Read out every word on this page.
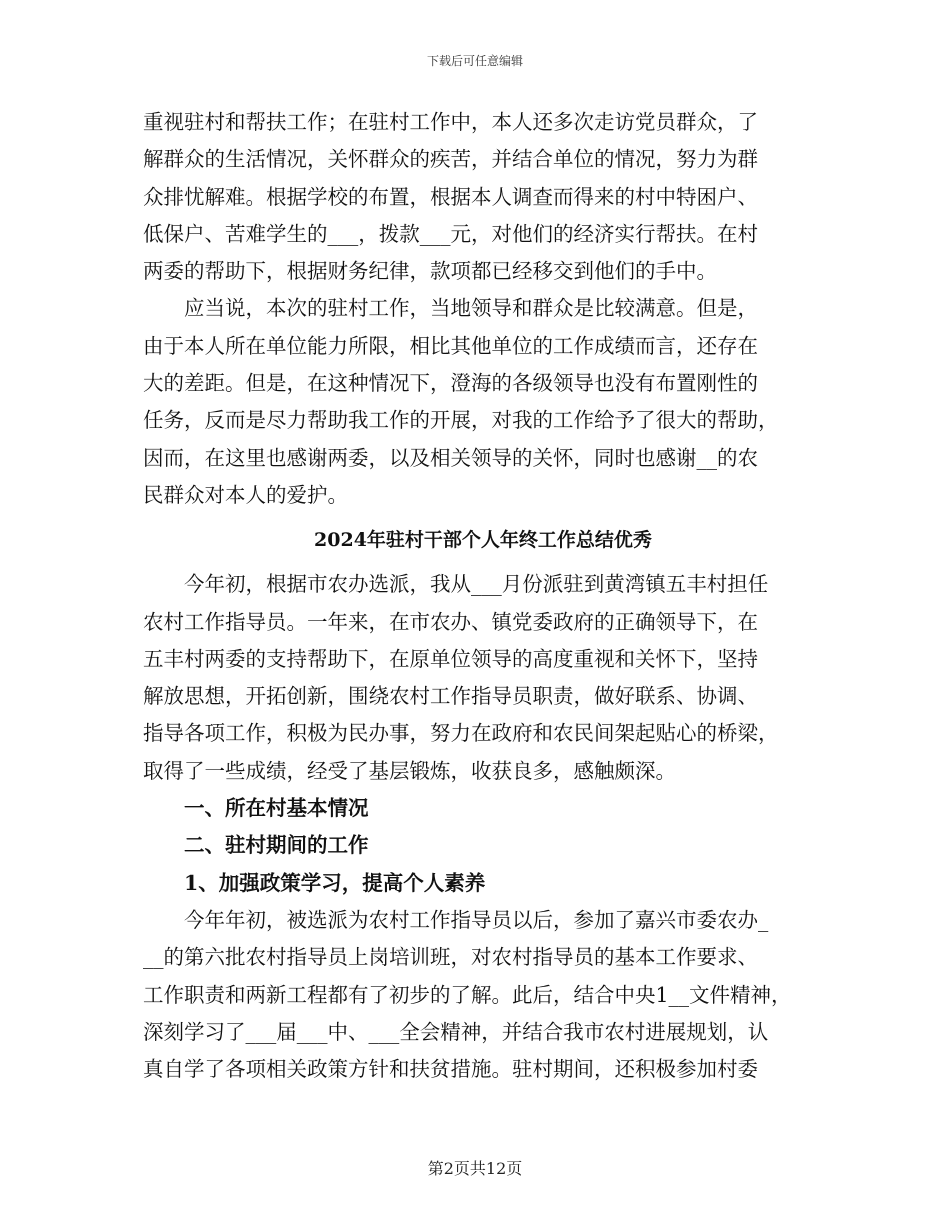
下载后可任意编辑
重视驻村和帮扶工作；在驻村工作中，本人还多次走访党员群众，了
解群众的生活情况，关怀群众的疾苦，并结合单位的情况，努力为群
众排忧解难。根据学校的布置，根据本人调查而得来的村中特困户、
低保户、苦难学生的___，拨款___元，对他们的经济实行帮扶。在村
两委的帮助下，根据财务纪律，款项都已经移交到他们的手中。
　　应当说，本次的驻村工作，当地领导和群众是比较满意。但是，
由于本人所在单位能力所限，相比其他单位的工作成绩而言，还存在
大的差距。但是，在这种情况下，澄海的各级领导也没有布置刚性的
任务，反而是尽力帮助我工作的开展，对我的工作给予了很大的帮助，
因而，在这里也感谢两委，以及相关领导的关怀，同时也感谢__的农
民群众对本人的爱护。
2024年驻村干部个人年终工作总结优秀
　　今年初，根据市农办选派，我从___月份派驻到黄湾镇五丰村担任
农村工作指导员。一年来，在市农办、镇党委政府的正确领导下，在
五丰村两委的支持帮助下，在原单位领导的高度重视和关怀下，坚持
解放思想，开拓创新，围绕农村工作指导员职责，做好联系、协调、
指导各项工作，积极为民办事，努力在政府和农民间架起贴心的桥梁，
取得了一些成绩，经受了基层锻炼，收获良多，感触颇深。
　　一、所在村基本情况
　　二、驻村期间的工作
　　1、加强政策学习，提高个人素养
　　今年年初，被选派为农村工作指导员以后，参加了嘉兴市委农办_
__的第六批农村指导员上岗培训班，对农村指导员的基本工作要求、
工作职责和两新工程都有了初步的了解。此后，结合中央1__文件精神，
深刻学习了___届___中、___全会精神，并结合我市农村进展规划，认
真自学了各项相关政策方针和扶贫措施。驻村期间，还积极参加村委
第2页共12页
